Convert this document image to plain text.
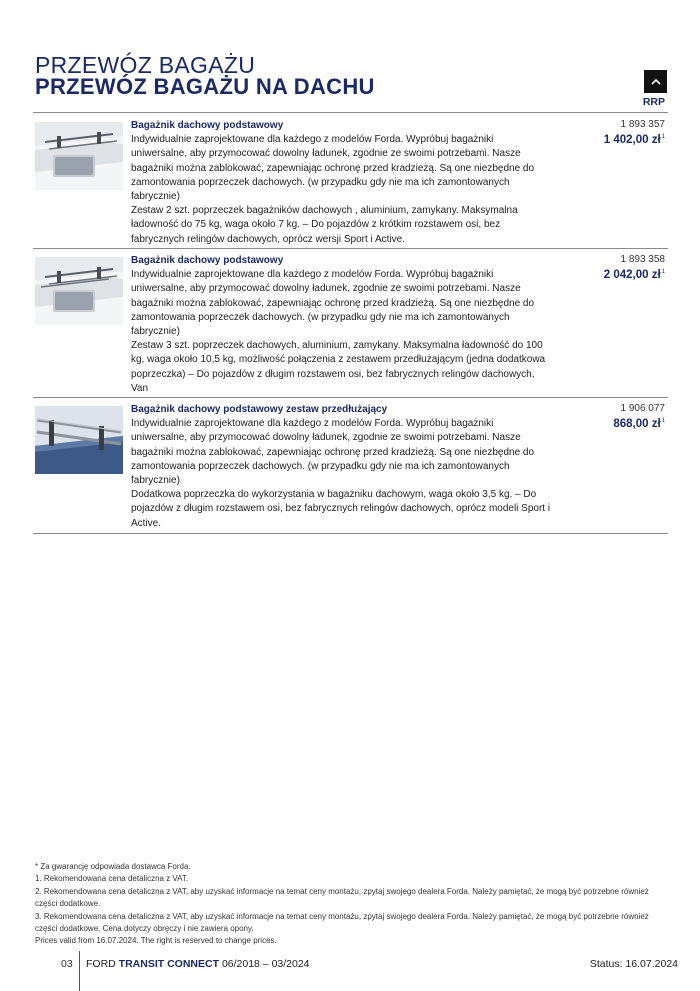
PRZEWÓZ BAGAŻU
PRZEWÓZ BAGAŻU NA DACHU
RRP
Bagażnik dachowy podstawowy

Indywidualnie zaprojektowane dla każdego z modelów Forda. Wypróbuj bagażniki uniwersalne, aby przymocować dowolny ładunek, zgodnie ze swoimi potrzebami. Nasze bagażniki można zablokować, zapewniając ochronę przed kradzieżą. Są one niezbędne do zamontowania poprzeczek dachowych. (w przypadku gdy nie ma ich zamontowanych fabrycznie)

Zestaw 2 szt. poprzeczek bagażników dachowych , aluminium, zamykany. Maksymalna ładowność do 75 kg, waga około 7 kg. – Do pojazdów z krótkim rozstawem osi, bez fabrycznych relingów dachowych, oprócz wersji Sport i Active.

1 893 357
1 402,00 $zł^1$
Bagażnik dachowy podstawowy

Indywidualnie zaprojektowane dla każdego z modelów Forda. Wypróbuj bagażniki uniwersalne, aby przymocować dowolny ładunek, zgodnie ze swoimi potrzebami. Nasze bagażniki można zablokować, zapewniając ochronę przed kradzieżą. Są one niezbędne do zamontowania poprzeczek dachowych. (w przypadku gdy nie ma ich zamontowanych fabrycznie)

Zestaw 3 szt. poprzeczek dachowych, aluminium, zamykany. Maksymalna ładowność do 100 kg, waga około 10,5 kg, możliwość połączenia z zestawem przedłużającym (jedna dodatkowa poprzeczka) – Do pojazdów z długim rozstawem osi, bez fabrycznych relingów dachowych, Van

1 893 358
2 042,00 $zł^1$
Bagażnik dachowy podstawowy zestaw przedłużający

Indywidualnie zaprojektowane dla każdego z modelów Forda. Wypróbuj bagażniki uniwersalne, aby przymocować dowolny ładunek, zgodnie ze swoimi potrzebami. Nasze bagażniki można zablokować, zapewniając ochronę przed kradzieżą. Są one niezbędne do zamontowania poprzeczek dachowych. (w przypadku gdy nie ma ich zamontowanych fabrycznie)

Dodatkowa poprzeczka do wykorzystania w bagażniku dachowym, waga około 3,5 kg. – Do pojazdów z długim rozstawem osi, bez fabrycznych relingów dachowych, oprócz modeli Sport i Active.

1 906 077
868,00 $zł^1$

* Za gwarancję odpowiada dostawca Forda.

1. Rekomendowana cena detaliczna z VAT.

2. Rekomendowana cena detaliczna z VAT, aby uzyskać informacje na temat ceny montażu, zpytaj swojego dealera Forda. Należy pamiętać, że mogą być potrzebne również części dodatkowe.

3. Rekomendowana cena detaliczna z VAT, aby uzyskać informacje na temat ceny montażu, zpytaj swojego dealera Forda. Należy pamiętać, że mogą być potrzebne również części dodatkowe. Cena dotyczy obręczy i nie zawiera opony.

Prices valid from 16.07.2024. The right is reserved to change prices.

03 FORD TRANSIT CONNECT 06/2018 – 03/2024	Status: 16.07.2024
